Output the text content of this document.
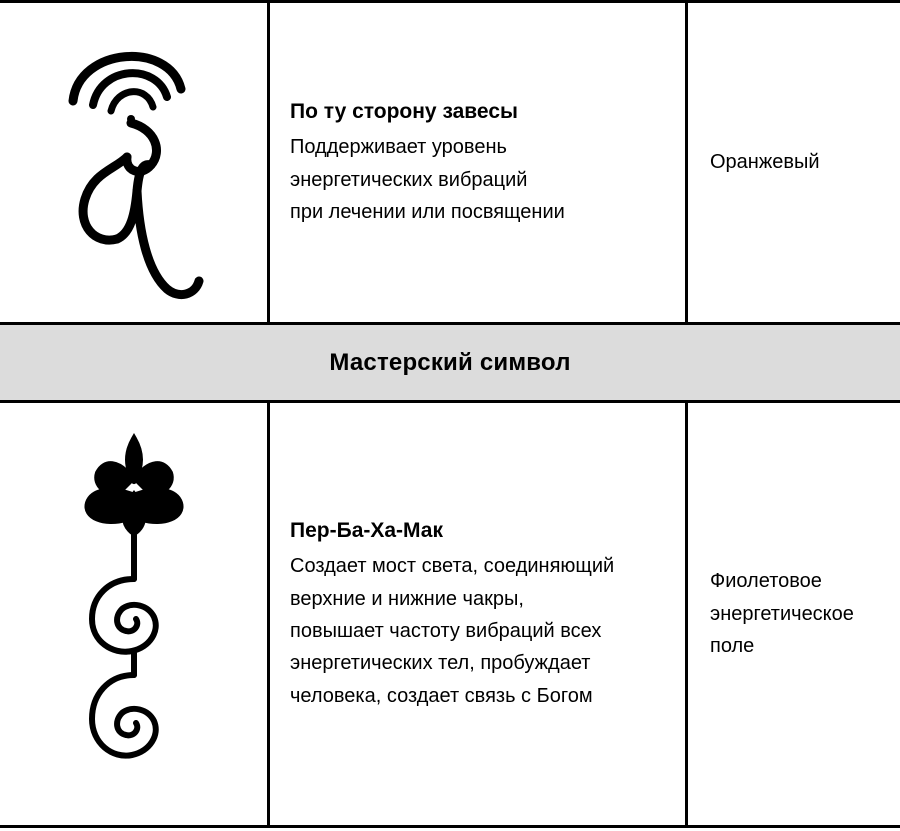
По ту сторону завесы
Поддерживает уровень
энергетических вибраций
при лечении или посвящении
Оранжевый
Мастерский символ
Пер-Ба-Ха-Мак
Создает мост света, соединяющий
верхние и нижние чакры,
повышает частоту вибраций всех
энергетических тел, пробуждает
человека, создает связь с Богом
Фиолетовое
энергетическое
поле
